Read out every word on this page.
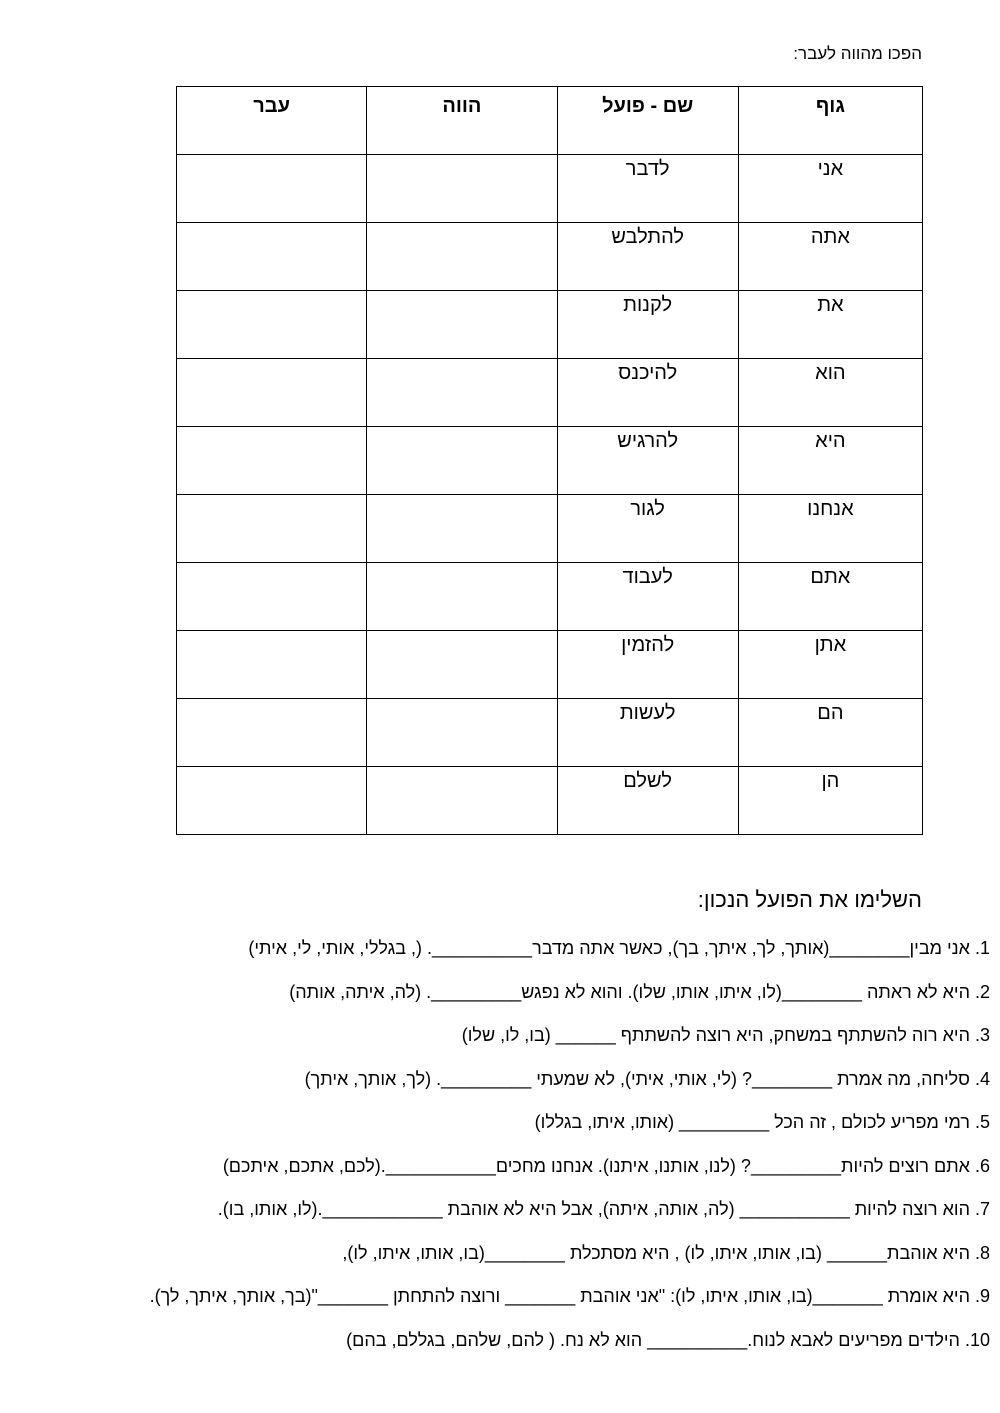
הפכו מהווה לעבר:
גוף	שם - פועל	הווה	עבר
אני	לדבר		
אתה	להתלבש		
את	לקנות		
הוא	להיכנס		
היא	להרגיש		
אנחנו	לגור		
אתם	לעבוד		
אתן	להזמין		
הם	לעשות		
הן	לשלם		
השלימו את הפועל הנכון:
1. אני מבין________(אותך, לך, איתך, בך), כאשר אתה מדבר__________. (, בגללי, אותי, לי, איתי)
2. היא לא ראתה ________(לו, איתו, אותו, שלו). והוא לא נפגש_________. (לה, איתה, אותה)
3. היא רוה להשתתף במשחק, היא רוצה להשתתף ______ (בו, לו, שלו)
4. סליחה, מה אמרת ________? (לי, אותי, איתי), לא שמעתי _________. (לך, אותך, איתך)
5. רמי מפריע לכולם , זה הכל _________ (אותו, איתו, בגללו)
6. אתם רוצים להיות_________? (לנו, אותנו, איתנו). אנחנו מחכים___________.(לכם, אתכם, איתכם)
7. הוא רוצה להיות ___________ (לה, אותה, איתה), אבל היא לא אוהבת ____________.(לו, אותו, בו).
8. היא אוהבת______ (בו, אותו, איתו, לו) , היא מסתכלת ________(בו, אותו, איתו, לו),
9. היא אומרת _______(בו, אותו, איתו, לו): "אני אוהבת _______ ורוצה להתחתן _______"(בך, אותך, איתך, לך).
10. הילדים מפריעים לאבא לנוח.__________ הוא לא נח. ( להם, שלהם, בגללם, בהם)
